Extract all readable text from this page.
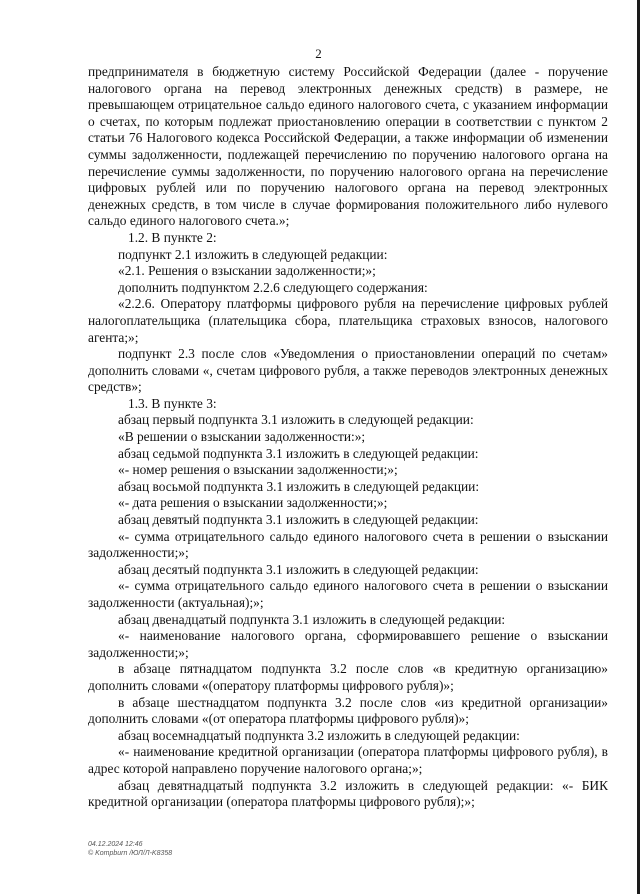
2

предпринимателя в бюджетную систему Российской Федерации (далее - поручение налогового органа на перевод электронных денежных средств) в размере, не превышающем отрицательное сальдо единого налогового счета, с указанием информации о счетах, по которым подлежат приостановлению операции в соответствии с пунктом 2 статьи 76 Налогового кодекса Российской Федерации, а также информации об изменении суммы задолженности, подлежащей перечислению по поручению налогового органа на перечисление суммы задолженности, по поручению налогового органа на перечисление цифровых рублей или по поручению налогового органа на перевод электронных денежных средств, в том числе в случае формирования положительного либо нулевого сальдо единого налогового счета.»;

1.2. В пункте 2:

подпункт 2.1 изложить в следующей редакции:

«2.1. Решения о взыскании задолженности;»;

дополнить подпунктом 2.2.6 следующего содержания:

«2.2.6. Оператору платформы цифрового рубля на перечисление цифровых рублей налогоплательщика (плательщика сбора, плательщика страховых взносов, налогового агента;»;

подпункт 2.3 после слов «Уведомления о приостановлении операций по счетам» дополнить словами «, счетам цифрового рубля, а также переводов электронных денежных средств»;

1.3. В пункте 3:

абзац первый подпункта 3.1 изложить в следующей редакции:

«В решении о взыскании задолженности:»;

абзац седьмой подпункта 3.1 изложить в следующей редакции:

«- номер решения о взыскании задолженности;»;

абзац восьмой подпункта 3.1 изложить в следующей редакции:

«- дата решения о взыскании задолженности;»;

абзац девятый подпункта 3.1 изложить в следующей редакции:

«- сумма отрицательного сальдо единого налогового счета в решении о взыскании задолженности;»;

абзац десятый подпункта 3.1 изложить в следующей редакции:

«- сумма отрицательного сальдо единого налогового счета в решении о взыскании задолженности (актуальная);»;

абзац двенадцатый подпункта 3.1 изложить в следующей редакции:

«- наименование налогового органа, сформировавшего решение о взыскании задолженности;»;

в абзаце пятнадцатом подпункта 3.2 после слов «в кредитную организацию» дополнить словами «(оператору платформы цифрового рубля)»;

в абзаце шестнадцатом подпункта 3.2 после слов «из кредитной организации» дополнить словами «(от оператора платформы цифрового рубля)»;

абзац восемнадцатый подпункта 3.2 изложить в следующей редакции:

«- наименование кредитной организации (оператора платформы цифрового рубля), в адрес которой направлено поручение налогового органа;»;

абзац девятнадцатый подпункта 3.2 изложить в следующей редакции: «- БИК кредитной организации (оператора платформы цифрового рубля);»;

04.12.2024 12:46
© Kompburn /ЮЛ/Л-K8358
